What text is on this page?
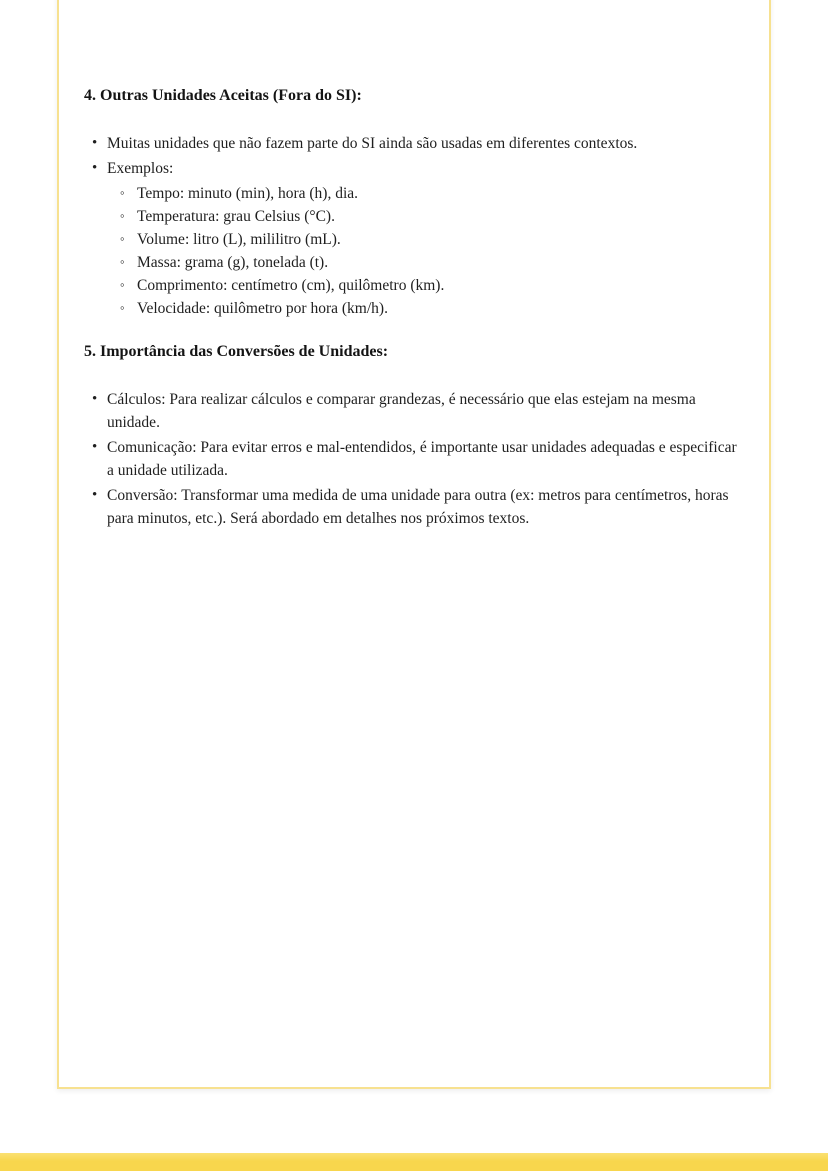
4. Outras Unidades Aceitas (Fora do SI):
• Muitas unidades que não fazem parte do SI ainda são usadas em diferentes contextos.
• Exemplos:
◦ Tempo: minuto (min), hora (h), dia.
◦ Temperatura: grau Celsius (°C).
◦ Volume: litro (L), mililitro (mL).
◦ Massa: grama (g), tonelada (t).
◦ Comprimento: centímetro (cm), quilômetro (km).
◦ Velocidade: quilômetro por hora (km/h).
5. Importância das Conversões de Unidades:
• Cálculos: Para realizar cálculos e comparar grandezas, é necessário que elas estejam na mesma unidade.
• Comunicação: Para evitar erros e mal-entendidos, é importante usar unidades adequadas e especificar a unidade utilizada.
• Conversão: Transformar uma medida de uma unidade para outra (ex: metros para centímetros, horas para minutos, etc.). Será abordado em detalhes nos próximos textos.
